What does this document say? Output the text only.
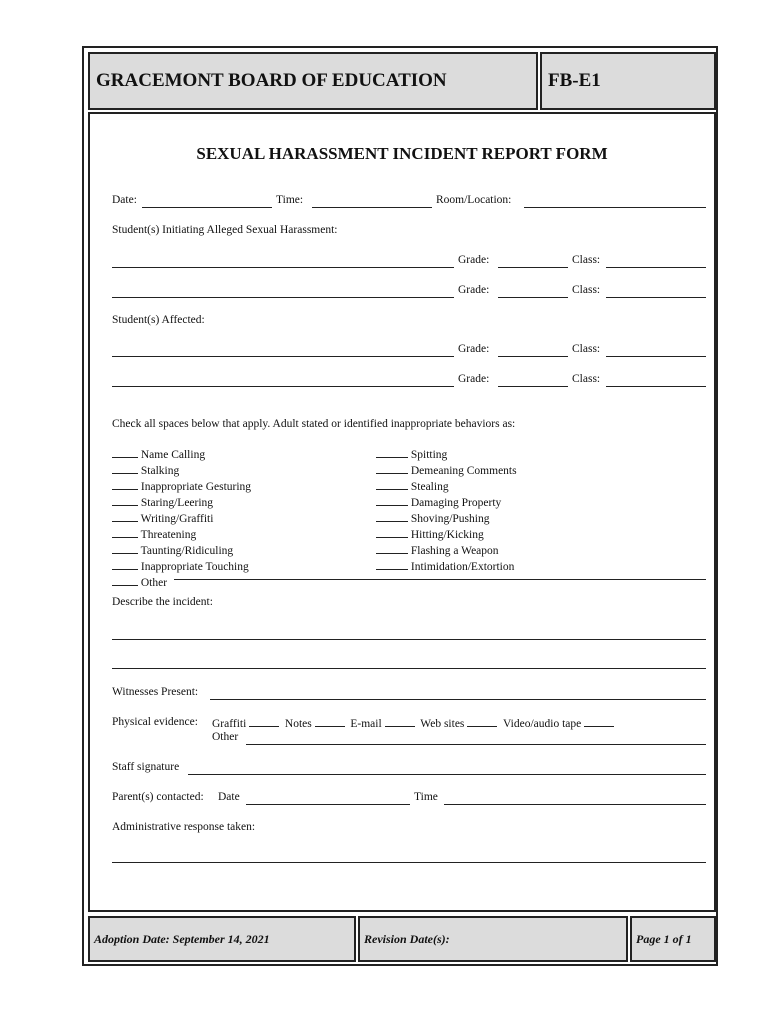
GRACEMONT BOARD OF EDUCATION	FB-E1
SEXUAL HARASSMENT INCIDENT REPORT FORM
Date:	Time:	Room/Location:
Student(s) Initiating Alleged Sexual Harassment:
Grade:	Class:
Grade:	Class:
Student(s) Affected:
Grade:	Class:
Grade:	Class:
Check all spaces below that apply. Adult stated or identified inappropriate behaviors as:
Name Calling
Stalking
Inappropriate Gesturing
Staring/Leering
Writing/Graffiti
Threatening
Taunting/Ridiculing
Inappropriate Touching
Other
Spitting
Demeaning Comments
Stealing
Damaging Property
Shoving/Pushing
Hitting/Kicking
Flashing a Weapon
Intimidation/Extortion
Describe the incident:
Witnesses Present:
Physical evidence: Graffiti	Notes	E-mail	Web sites	Video/audio tape
Other
Staff signature
Parent(s) contacted: Date	Time
Administrative response taken:
Adoption Date: September 14, 2021	Revision Date(s):	Page 1 of 1
